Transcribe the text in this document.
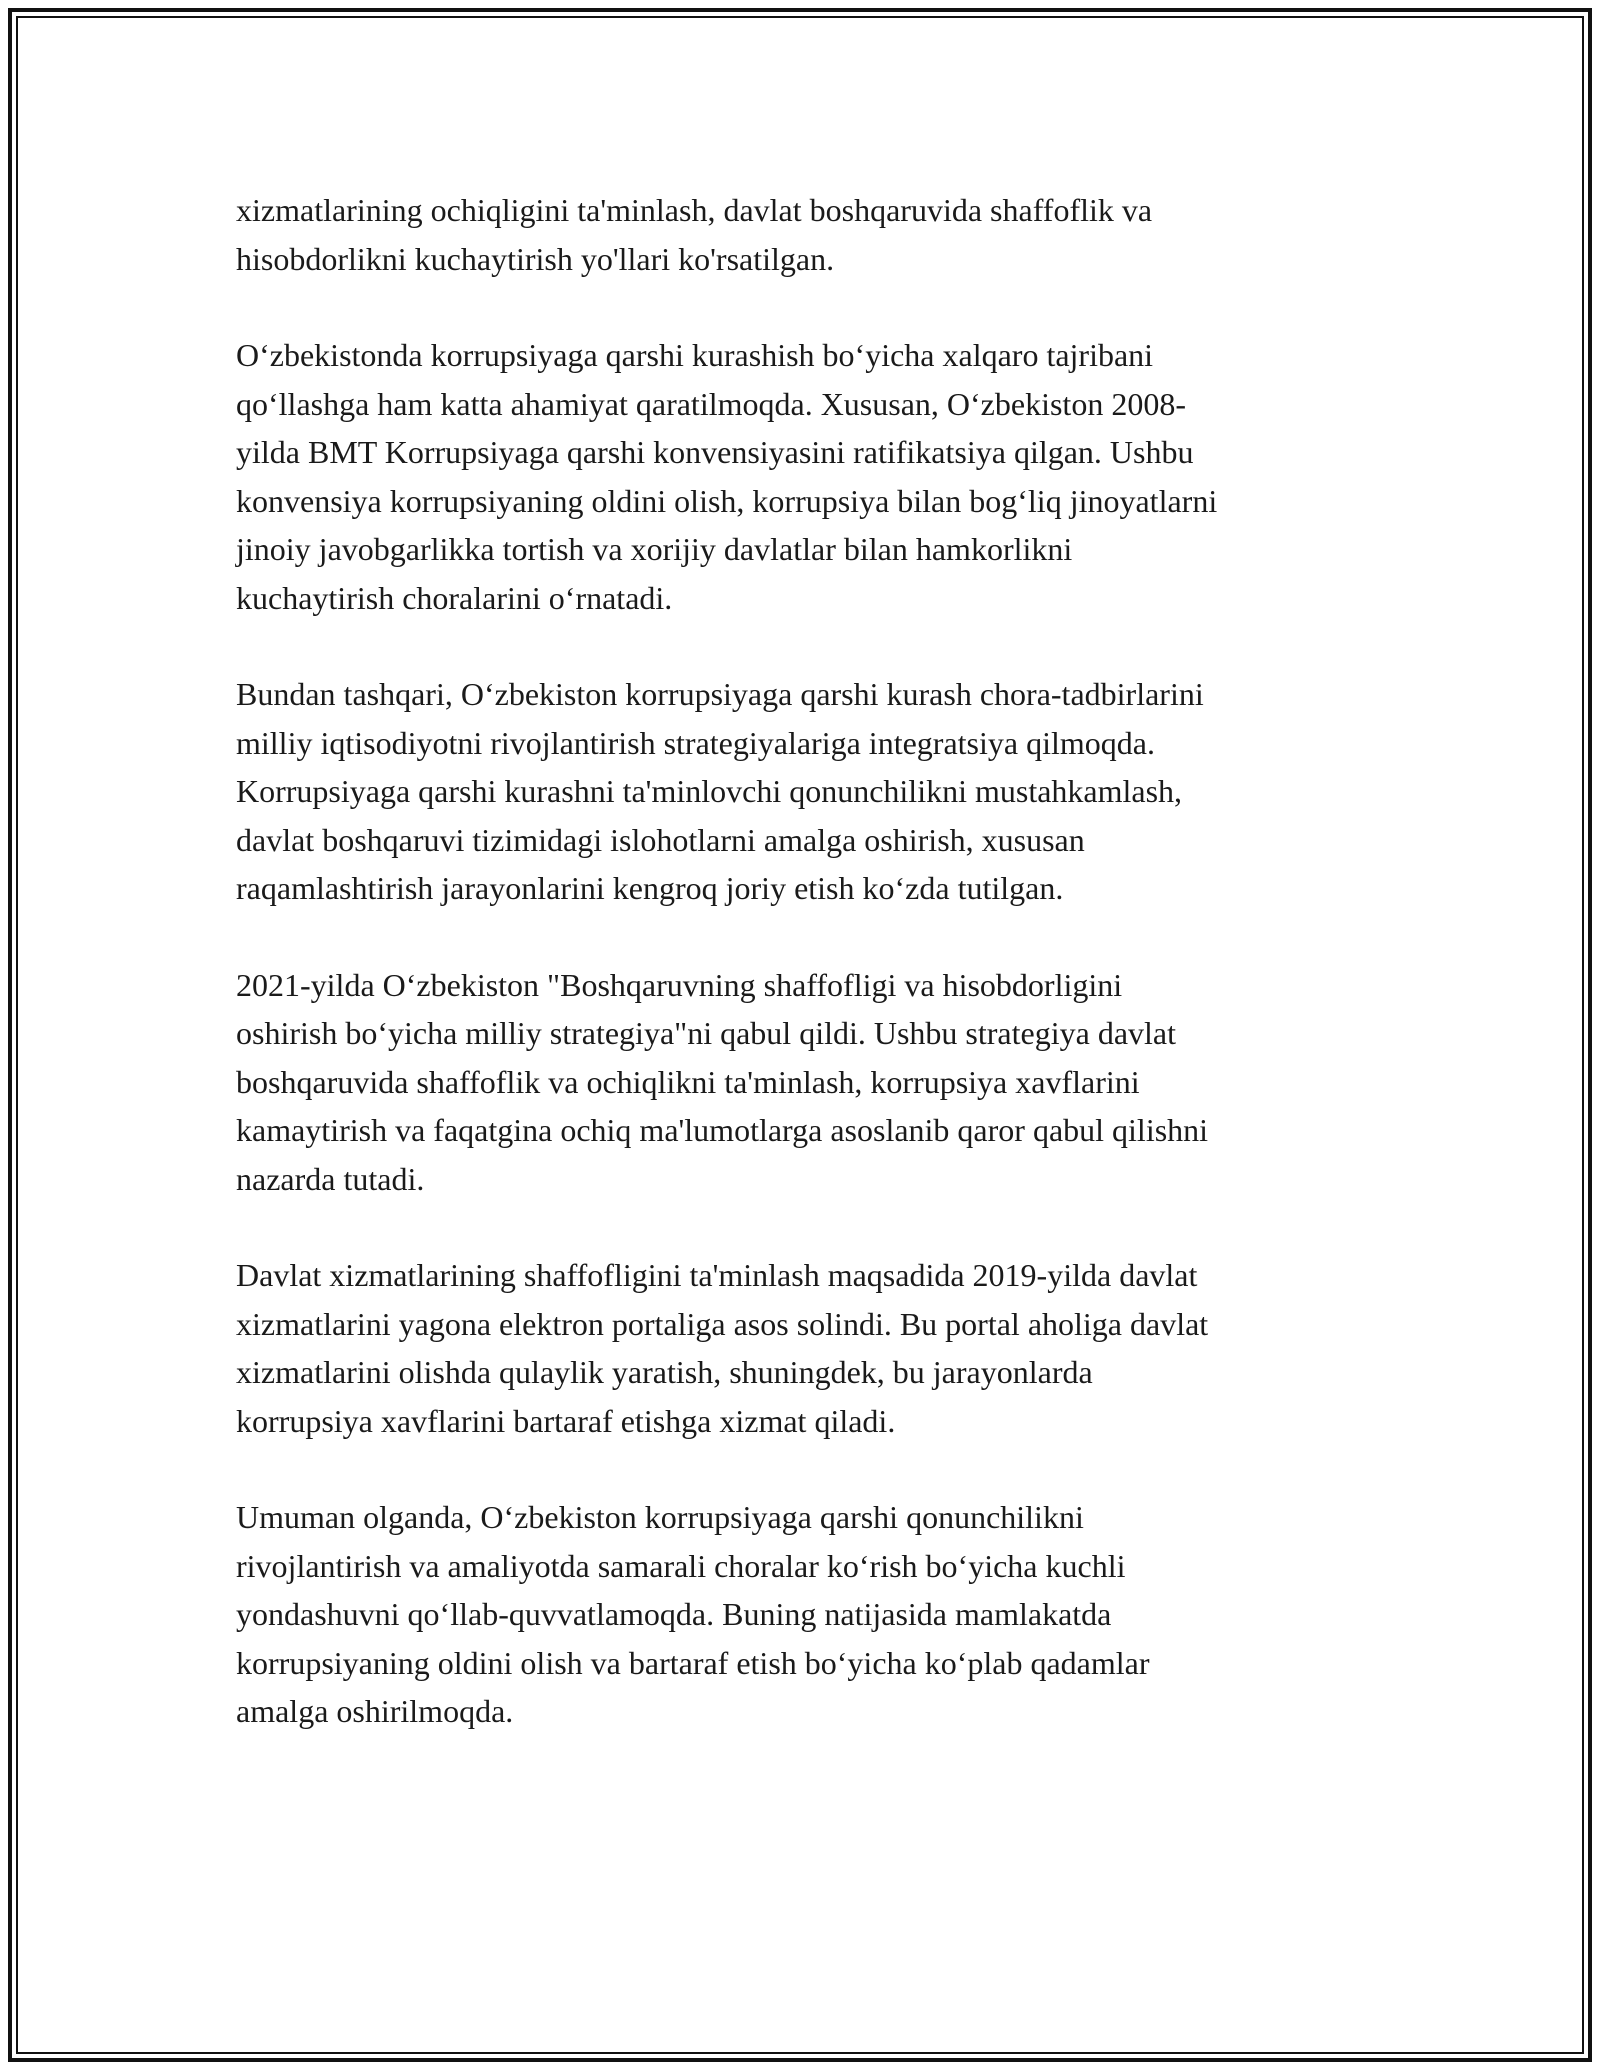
xizmatlarining ochiqligini ta'minlash, davlat boshqaruvida shaffoflik va
hisobdorlikni kuchaytirish yo'llari ko'rsatilgan.

O‘zbekistonda korrupsiyaga qarshi kurashish bo‘yicha xalqaro tajribani
qo‘llashga ham katta ahamiyat qaratilmoqda. Xususan, O‘zbekiston 2008-
yilda BMT Korrupsiyaga qarshi konvensiyasini ratifikatsiya qilgan. Ushbu
konvensiya korrupsiyaning oldini olish, korrupsiya bilan bog‘liq jinoyatlarni
jinoiy javobgarlikka tortish va xorijiy davlatlar bilan hamkorlikni
kuchaytirish choralarini o‘rnatadi.

Bundan tashqari, O‘zbekiston korrupsiyaga qarshi kurash chora-tadbirlarini
milliy iqtisodiyotni rivojlantirish strategiyalariga integratsiya qilmoqda.
Korrupsiyaga qarshi kurashni ta'minlovchi qonunchilikni mustahkamlash,
davlat boshqaruvi tizimidagi islohotlarni amalga oshirish, xususan
raqamlashtirish jarayonlarini kengroq joriy etish ko‘zda tutilgan.

2021-yilda O‘zbekiston "Boshqaruvning shaffofligi va hisobdorligini
oshirish bo‘yicha milliy strategiya"ni qabul qildi. Ushbu strategiya davlat
boshqaruvida shaffoflik va ochiqlikni ta'minlash, korrupsiya xavflarini
kamaytirish va faqatgina ochiq ma'lumotlarga asoslanib qaror qabul qilishni
nazarda tutadi.

Davlat xizmatlarining shaffofligini ta'minlash maqsadida 2019-yilda davlat
xizmatlarini yagona elektron portaliga asos solindi. Bu portal aholiga davlat
xizmatlarini olishda qulaylik yaratish, shuningdek, bu jarayonlarda
korrupsiya xavflarini bartaraf etishga xizmat qiladi.

Umuman olganda, O‘zbekiston korrupsiyaga qarshi qonunchilikni
rivojlantirish va amaliyotda samarali choralar ko‘rish bo‘yicha kuchli
yondashuvni qo‘llab-quvvatlamoqda. Buning natijasida mamlakatda
korrupsiyaning oldini olish va bartaraf etish bo‘yicha ko‘plab qadamlar
amalga oshirilmoqda.
